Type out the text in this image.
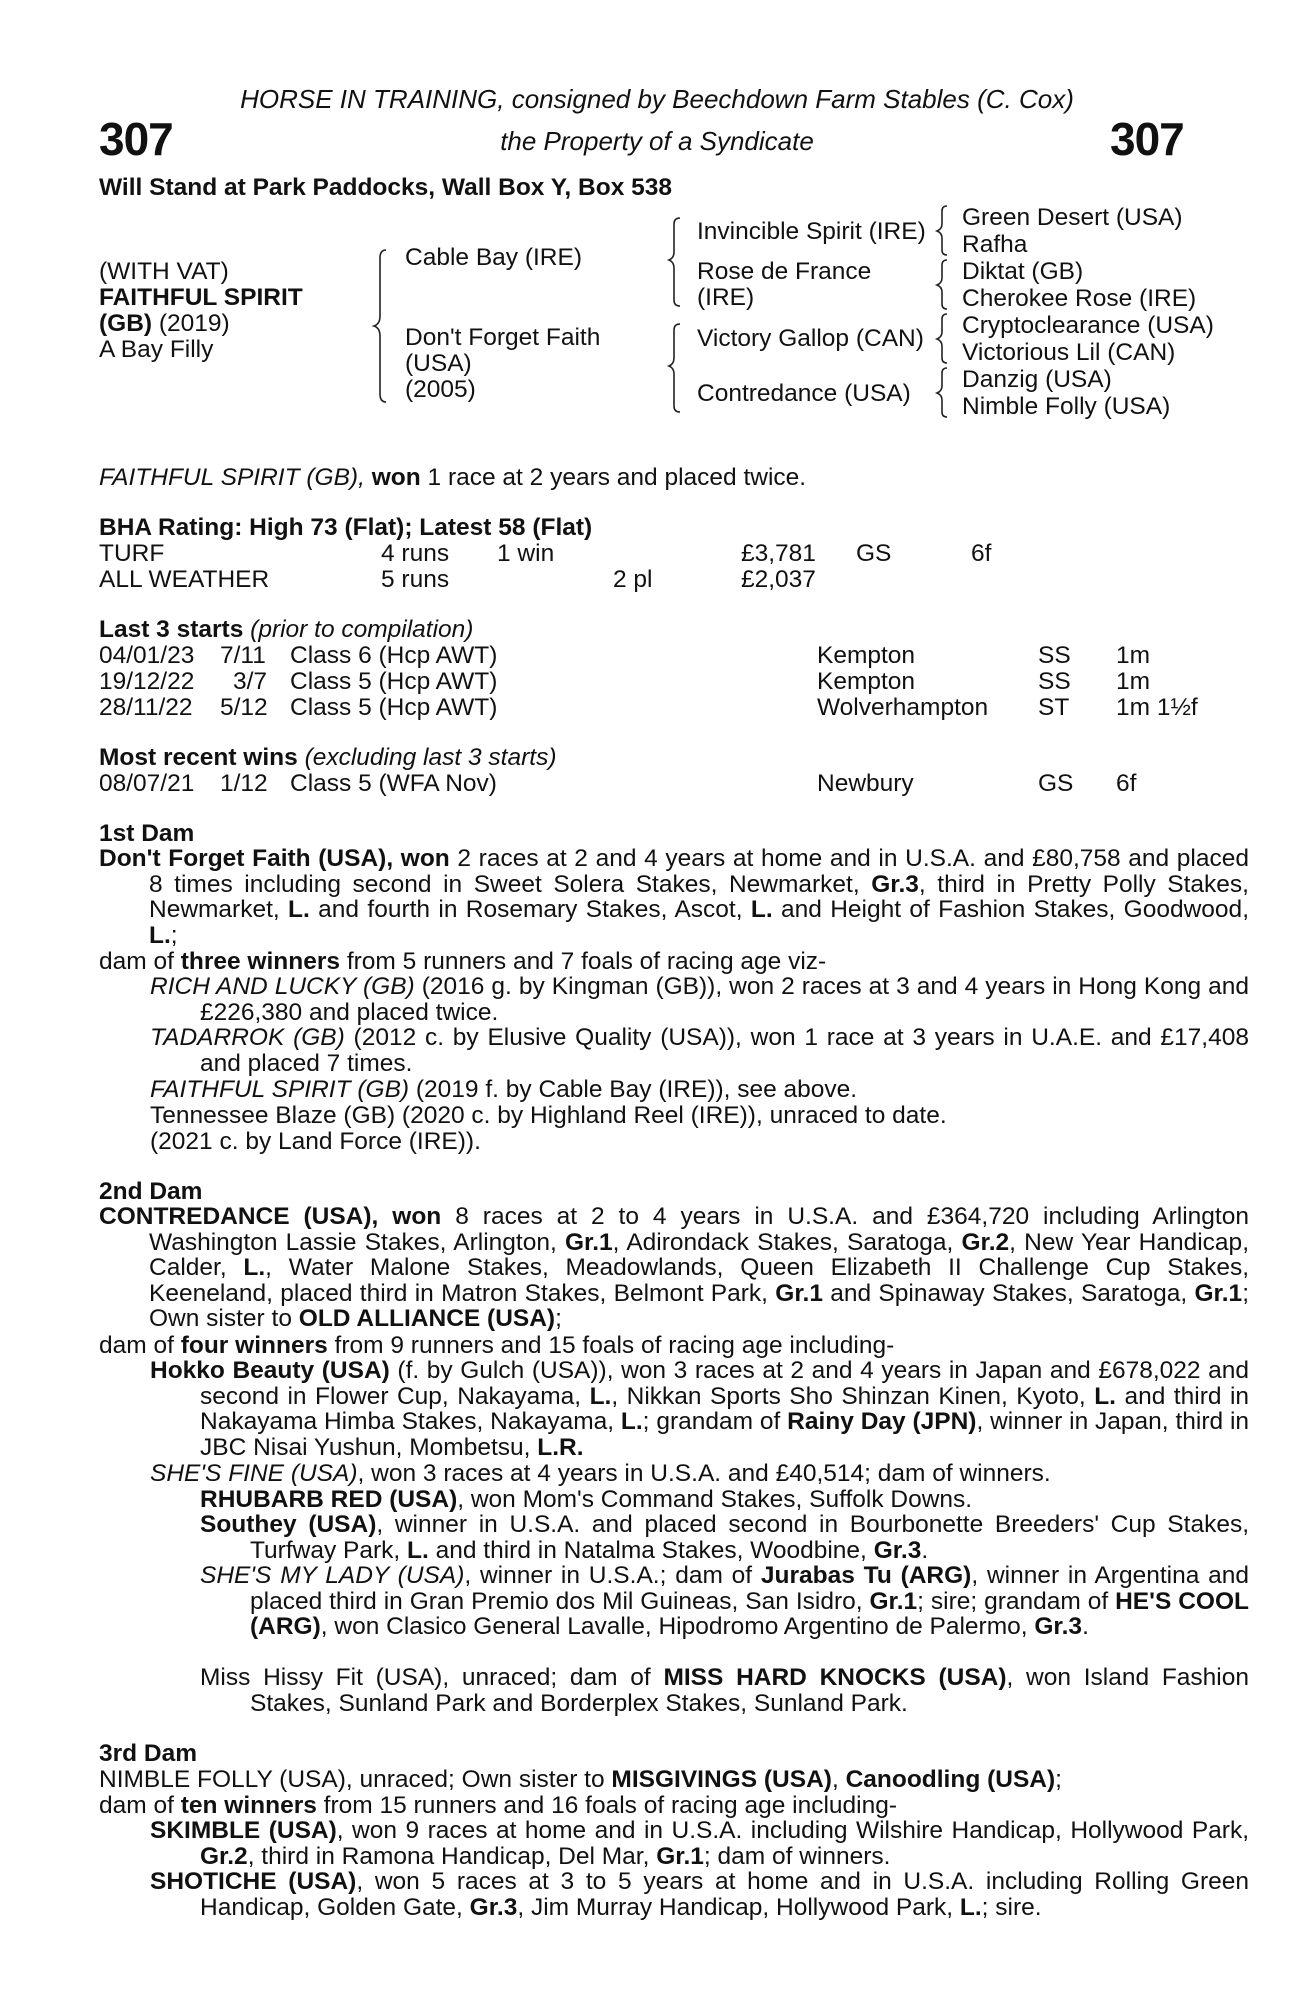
307	307
HORSE IN TRAINING, consigned by Beechdown Farm Stables (C. Cox)
the Property of a Syndicate
Will Stand at Park Paddocks, Wall Box Y, Box 538
(WITH VAT)
FAITHFUL SPIRIT
(GB) (2019)
A Bay Filly
Cable Bay (IRE)
Don't Forget Faith
(USA)
(2005)
Invincible Spirit (IRE)
Rose de France
(IRE)
Victory Gallop (CAN)
Contredance (USA)
Green Desert (USA)
Rafha
Diktat (GB)
Cherokee Rose (IRE)
Cryptoclearance (USA)
Victorious Lil (CAN)
Danzig (USA)
Nimble Folly (USA)
FAITHFUL SPIRIT (GB), won 1 race at 2 years and placed twice.
BHA Rating: High 73 (Flat); Latest 58 (Flat)
TURF	4 runs 1 win	£3,781 GS	6f
ALL WEATHER	5 runs	2 pl	£2,037
Last 3 starts (prior to compilation)
04/01/23 7/11 Class 6 (Hcp AWT)	Kempton	SS 1m
19/12/22 3/7 Class 5 (Hcp AWT)	Kempton	SS 1m
28/11/22 5/12 Class 5 (Hcp AWT)	Wolverhampton ST 1m 1½f
Most recent wins (excluding last 3 starts)
08/07/21 1/12 Class 5 (WFA Nov)	Newbury	GS 6f
1st Dam
Don't Forget Faith (USA), won 2 races at 2 and 4 years at home and in U.S.A. and £80,758 and placed 8 times including second in Sweet Solera Stakes, Newmarket, Gr.3, third in Pretty Polly Stakes, Newmarket, L. and fourth in Rosemary Stakes, Ascot, L. and Height of Fashion Stakes, Goodwood, L.;
dam of three winners from 5 runners and 7 foals of racing age viz-
RICH AND LUCKY (GB) (2016 g. by Kingman (GB)), won 2 races at 3 and 4 years in Hong Kong and £226,380 and placed twice.
TADARROK (GB) (2012 c. by Elusive Quality (USA)), won 1 race at 3 years in U.A.E. and £17,408 and placed 7 times.
FAITHFUL SPIRIT (GB) (2019 f. by Cable Bay (IRE)), see above.
Tennessee Blaze (GB) (2020 c. by Highland Reel (IRE)), unraced to date.
(2021 c. by Land Force (IRE)).
2nd Dam
CONTREDANCE (USA), won 8 races at 2 to 4 years in U.S.A. and £364,720 including Arlington Washington Lassie Stakes, Arlington, Gr.1, Adirondack Stakes, Saratoga, Gr.2, New Year Handicap, Calder, L., Water Malone Stakes, Meadowlands, Queen Elizabeth II Challenge Cup Stakes, Keeneland, placed third in Matron Stakes, Belmont Park, Gr.1 and Spinaway Stakes, Saratoga, Gr.1; Own sister to OLD ALLIANCE (USA);
dam of four winners from 9 runners and 15 foals of racing age including-
Hokko Beauty (USA) (f. by Gulch (USA)), won 3 races at 2 and 4 years in Japan and £678,022 and second in Flower Cup, Nakayama, L., Nikkan Sports Sho Shinzan Kinen, Kyoto, L. and third in Nakayama Himba Stakes, Nakayama, L.; grandam of Rainy Day (JPN), winner in Japan, third in JBC Nisai Yushun, Mombetsu, L.R.
SHE'S FINE (USA), won 3 races at 4 years in U.S.A. and £40,514; dam of winners.
RHUBARB RED (USA), won Mom's Command Stakes, Suffolk Downs.
Southey (USA), winner in U.S.A. and placed second in Bourbonette Breeders' Cup Stakes, Turfway Park, L. and third in Natalma Stakes, Woodbine, Gr.3.
SHE'S MY LADY (USA), winner in U.S.A.; dam of Jurabas Tu (ARG), winner in Argentina and placed third in Gran Premio dos Mil Guineas, San Isidro, Gr.1; sire; grandam of HE'S COOL (ARG), won Clasico General Lavalle, Hipodromo Argentino de Palermo, Gr.3.
Miss Hissy Fit (USA), unraced; dam of MISS HARD KNOCKS (USA), won Island Fashion Stakes, Sunland Park and Borderplex Stakes, Sunland Park.
3rd Dam
NIMBLE FOLLY (USA), unraced; Own sister to MISGIVINGS (USA), Canoodling (USA);
dam of ten winners from 15 runners and 16 foals of racing age including-
SKIMBLE (USA), won 9 races at home and in U.S.A. including Wilshire Handicap, Hollywood Park, Gr.2, third in Ramona Handicap, Del Mar, Gr.1; dam of winners.
SHOTICHE (USA), won 5 races at 3 to 5 years at home and in U.S.A. including Rolling Green Handicap, Golden Gate, Gr.3, Jim Murray Handicap, Hollywood Park, L.; sire.
